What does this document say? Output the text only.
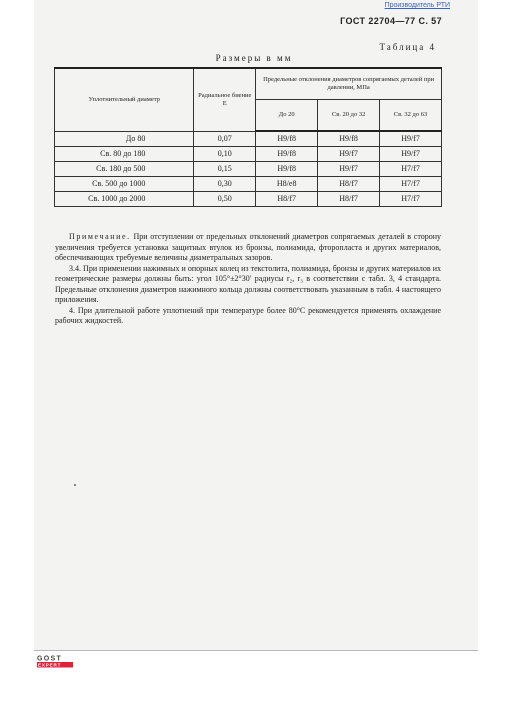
Производитель РТИ
ГОСТ 22704—77 С. 57
Таблица 4
Размеры в мм
Уплотнительный диаметр	Радиальное биение E	Предельные отклонения диаметров сопрягаемых деталей при давлении, МПа		
		До 20	Св. 20 до 32	Св. 32 до 63
До 80	0,07	H9/f8	H9/f8	H9/f7
Св. 80 до 180	0,10	H9/f8	H9/f7	H9/f7
Св. 180 до 500	0,15	H9/f8	H9/f7	H7/f7
Св. 500 до 1000	0,30	H8/e8	H8/f7	H7/f7
Св. 1000 до 2000	0,50	H8/f7	H8/f7	H7/f7

Примечание. При отступлении от предельных отклонений диаметров сопрягаемых деталей в сторону увеличения требуется установка защитных втулок из бронзы, полиамида, фторопласта и других материалов, обеспечивающих требуемые величины диаметральных зазоров.

3.4. При применении нажимных и опорных колец из текстолита, полиамида, бронзы и других материалов их геометрические размеры должны быть: угол 105°±2°30′ радиусы r₂, r₃ в соответствии с табл. 3, 4 стандарта. Предельные отклонения диаметров нажимного кольца должны соответствовать указанным в табл. 4 настоящего приложения.

4. При длительной работе уплотнений при температуре более 80°С рекомендуется применять охлаждение рабочих жидкостей.

GOST
EXPERT
